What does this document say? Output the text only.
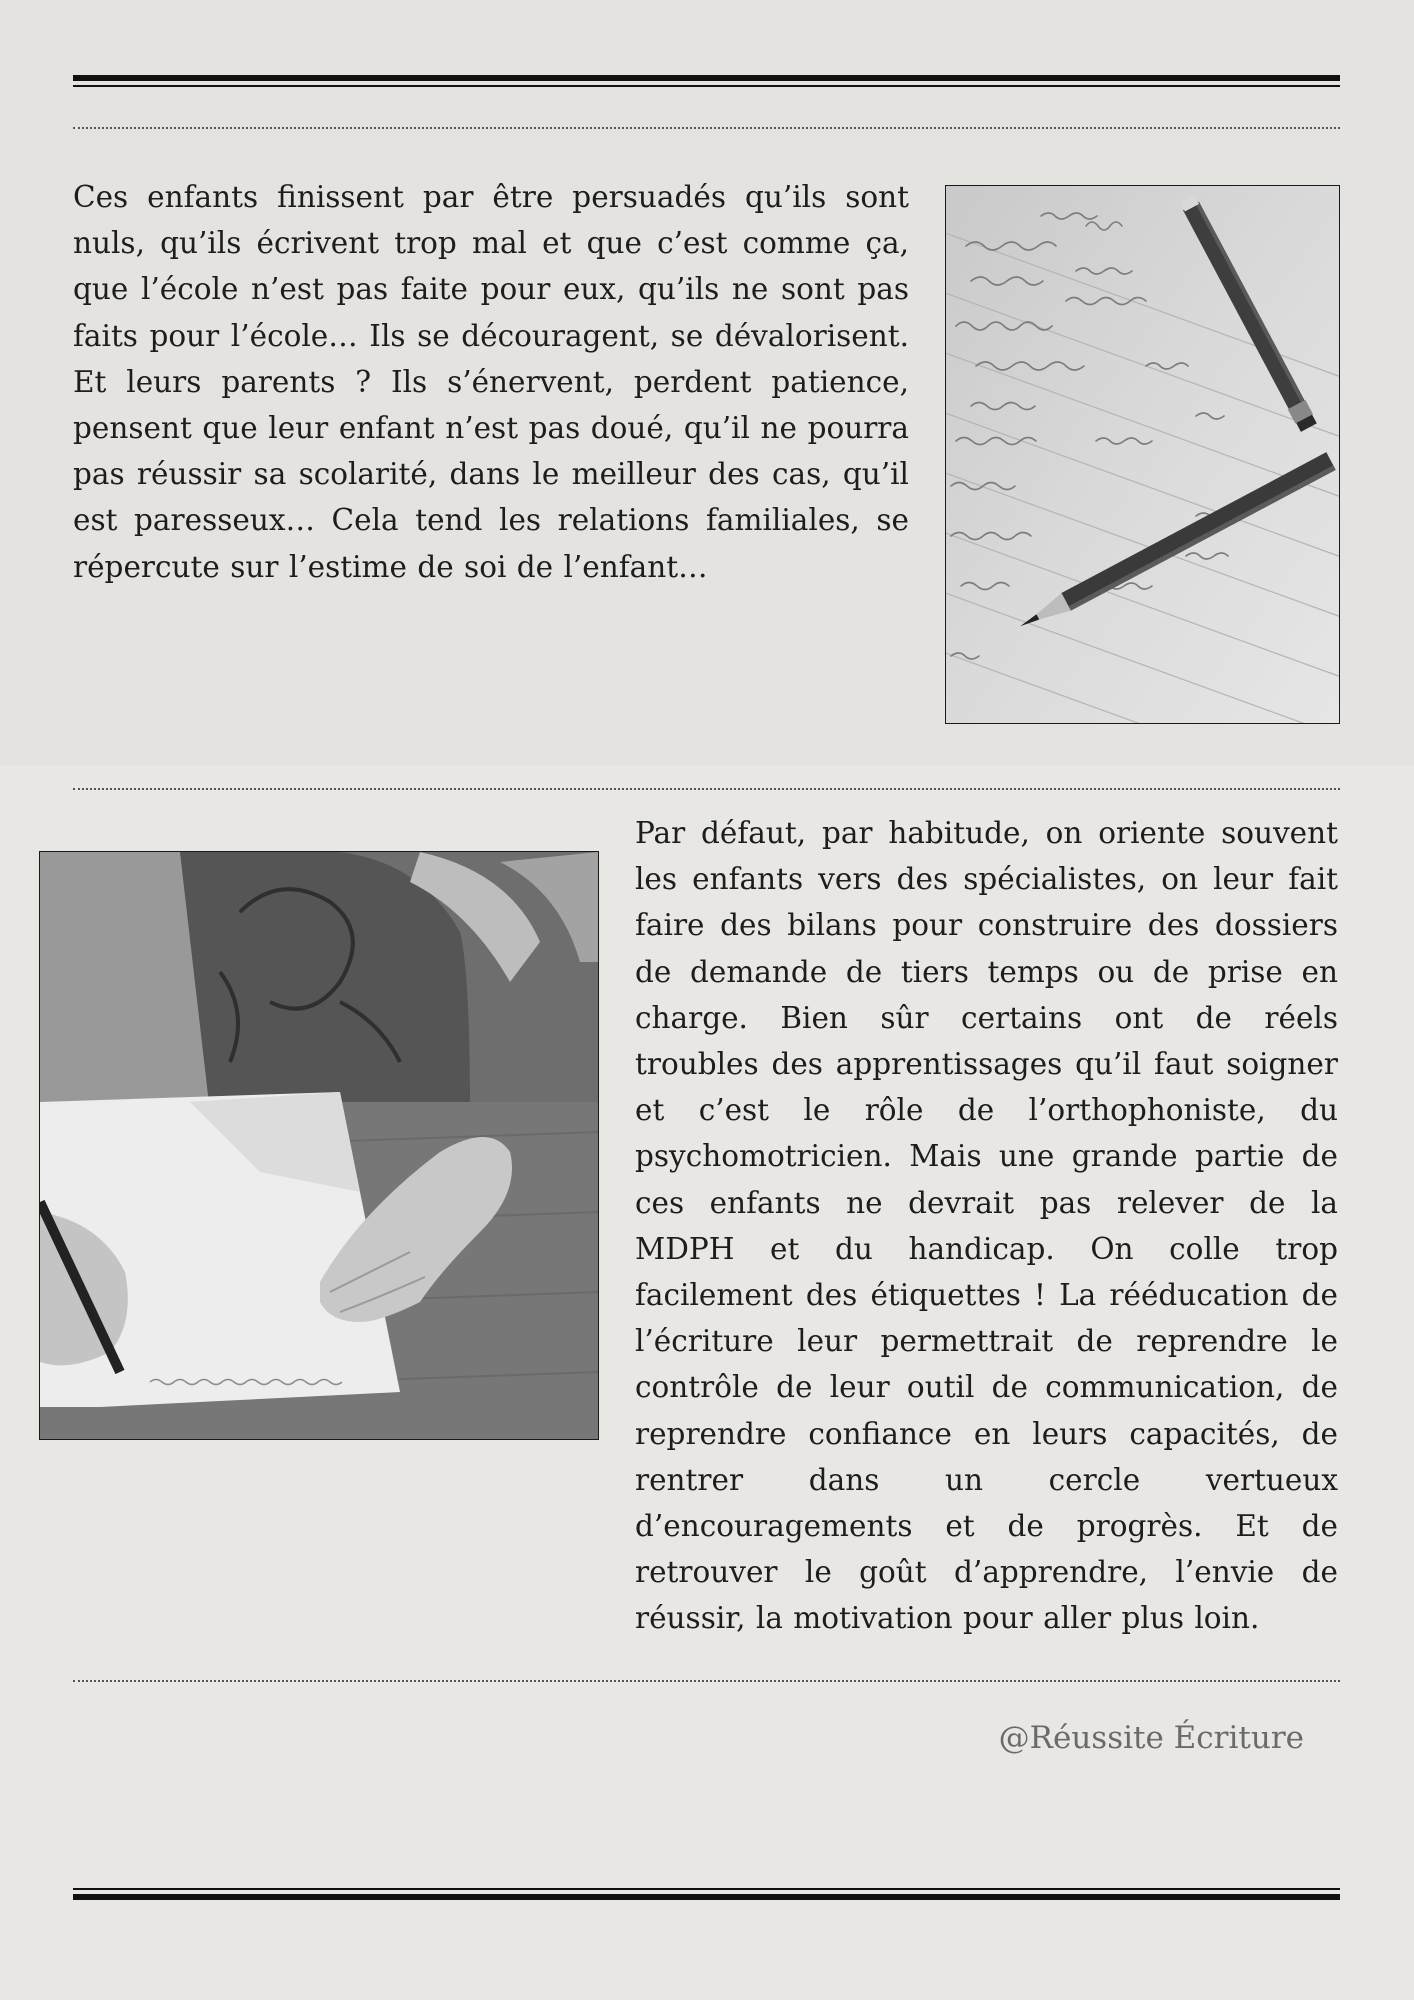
Ces enfants finissent par être persuadés qu’ils sont nuls, qu’ils écrivent trop mal et que c’est comme ça, que l’école n’est pas faite pour eux, qu’ils ne sont pas faits pour l’école… Ils se découragent, se dévalorisent. Et leurs parents ? Ils s’énervent, perdent patience, pensent que leur enfant n’est pas doué, qu’il ne pourra pas réussir sa scolarité, dans le meilleur des cas, qu’il est paresseux… Cela tend les relations familiales, se répercute sur l’estime de soi de l’enfant…

Par défaut, par habitude, on oriente souvent les enfants vers des spécialistes, on leur fait faire des bilans pour construire des dossiers de demande de tiers temps ou de prise en charge. Bien sûr certains ont de réels troubles des apprentissages qu’il faut soigner et c’est le rôle de l’orthophoniste, du psychomotricien. Mais une grande partie de ces enfants ne devrait pas relever de la MDPH et du handicap. On colle trop facilement des étiquettes ! La rééducation de l’écriture leur permettrait de reprendre le contrôle de leur outil de communication, de reprendre confiance en leurs capacités, de rentrer dans un cercle vertueux d’encouragements et de progrès. Et de retrouver le goût d’apprendre, l’envie de réussir, la motivation pour aller plus loin.

@Réussite Écriture
